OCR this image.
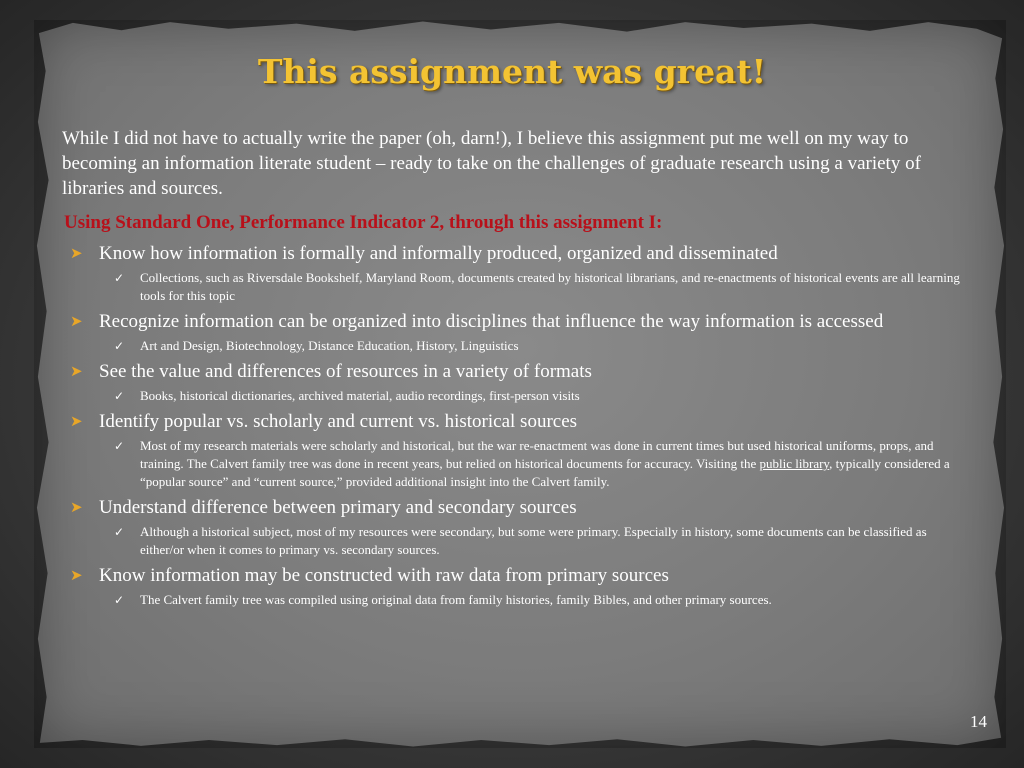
This assignment was great!

While I did not have to actually write the paper (oh, darn!), I believe this assignment put me well on my way to becoming an information literate student – ready to take on the challenges of graduate research using a variety of libraries and sources.

Using Standard One, Performance Indicator 2, through this assignment I:
➤ Know how information is formally and informally produced, organized and disseminated
✓ Collections, such as Riversdale Bookshelf, Maryland Room, documents created by historical librarians, and re-enactments of historical events are all learning tools for this topic
➤ Recognize information can be organized into disciplines that influence the way information is accessed
✓ Art and Design, Biotechnology, Distance Education, History, Linguistics
➤ See the value and differences of resources in a variety of formats
✓ Books, historical dictionaries, archived material, audio recordings, first-person visits
➤ Identify popular vs. scholarly and current vs. historical sources
✓ Most of my research materials were scholarly and historical, but the war re-enactment was done in current times but used historical uniforms, props, and training. The Calvert family tree was done in recent years, but relied on historical documents for accuracy. Visiting the public library, typically considered a “popular source” and “current source,” provided additional insight into the Calvert family.
➤ Understand difference between primary and secondary sources
✓ Although a historical subject, most of my resources were secondary, but some were primary. Especially in history, some documents can be classified as either/or when it comes to primary vs. secondary sources.
➤ Know information may be constructed with raw data from primary sources
✓ The Calvert family tree was compiled using original data from family histories, family Bibles, and other primary sources.
14
